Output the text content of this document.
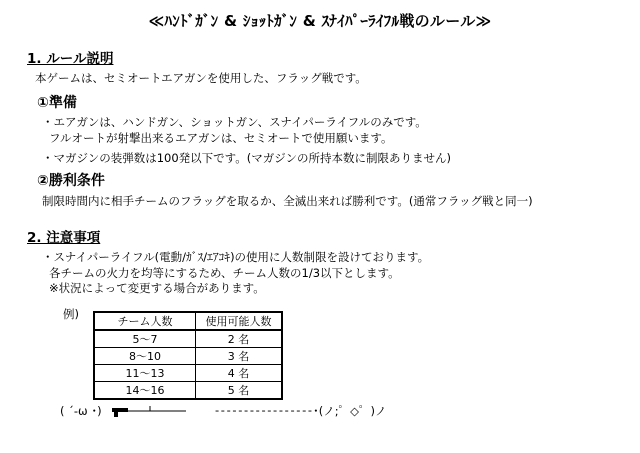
≪ﾊﾝﾄﾞｶﾞﾝ & ｼｮｯﾄｶﾞﾝ & ｽﾅｲﾊﾟｰﾗｲﾌﾙ戦のルール≫
1. ルール説明
本ゲームは、セミオートエアガンを使用した、フラッグ戦です。
①準備
・エアガンは、ハンドガン、ショットガン、スナイパーライフルのみです。
フルオートが射撃出来るエアガンは、セミオートで使用願います。
・マガジンの装弾数は100発以下です。(マガジンの所持本数に制限ありません)
②勝利条件
制限時間内に相手チームのフラッグを取るか、全滅出来れば勝利です。(通常フラッグ戦と同一)
2. 注意事項
・スナイパーライフル(電動/ｶﾞｽ/ｴｱｺｷ)の使用に人数制限を設けております。
各チームの火力を均等にするため、チーム人数の1/3以下とします。
※状況によって変更する場合があります。
例)
チーム人数	使用可能人数
5〜7	2 名
8〜10	3 名
11〜13	4 名
14〜16	5 名
( ´-ω ･)	- - - - - - - - - - - - - - - - - ･(ノ;゜◇゜)ノ
